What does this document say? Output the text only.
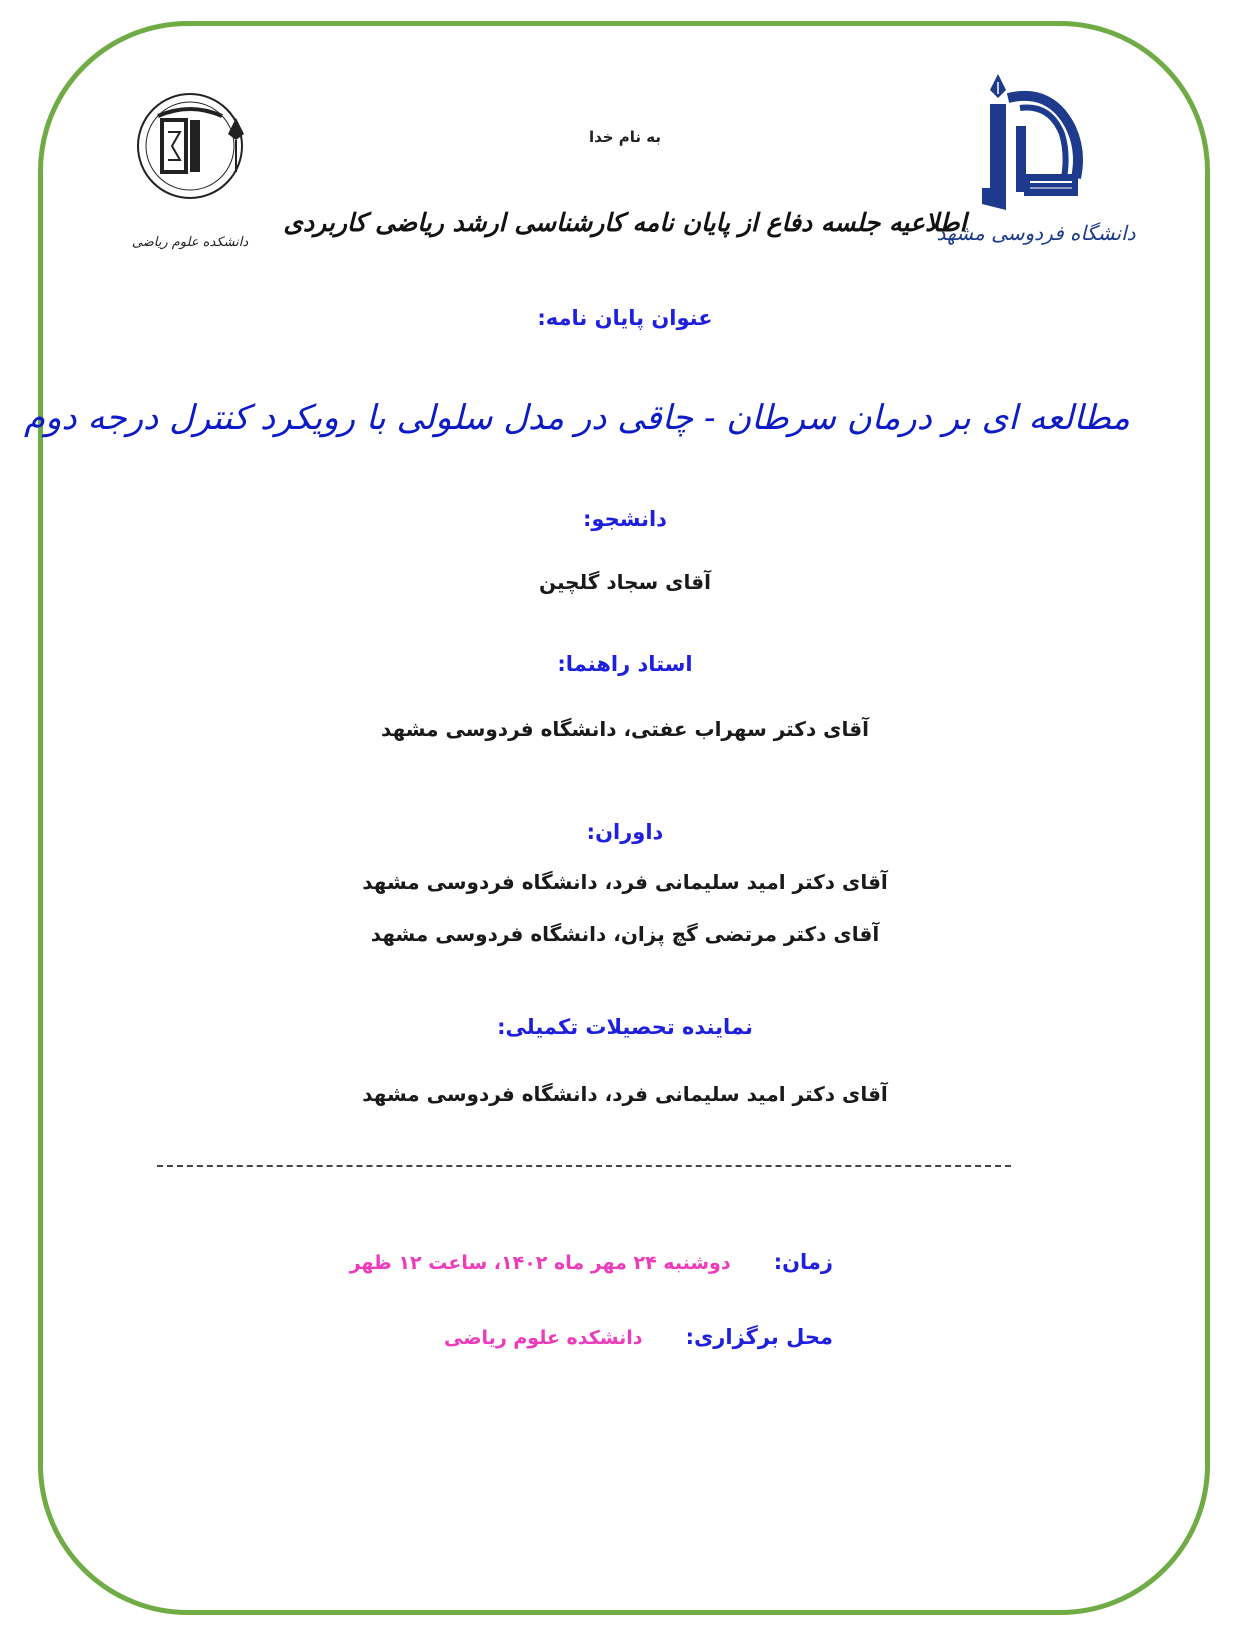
دانشکده علوم ریاضی	دانشگاه فردوسی مشهد
به نام خدا
اطلاعیه جلسه دفاع از پایان نامه کارشناسی ارشد ریاضی کاربردی
عنوان پایان نامه:
مطالعه ای بر درمان سرطان - چاقی در مدل سلولی با رویکرد کنترل درجه دوم
دانشجو:
آقای سجاد گلچین
استاد راهنما:
آقای دکتر سهراب عفتی، دانشگاه فردوسی مشهد
داوران:
آقای دکتر امید سلیمانی فرد، دانشگاه فردوسی مشهد
آقای دکتر مرتضی گچ پزان، دانشگاه فردوسی مشهد
نماینده تحصیلات تکمیلی:
آقای دکتر امید سلیمانی فرد، دانشگاه فردوسی مشهد
زمان: دوشنبه ۲۴ مهر ماه ۱۴۰۲، ساعت ۱۲ ظهر
محل برگزاری: دانشکده علوم ریاضی
